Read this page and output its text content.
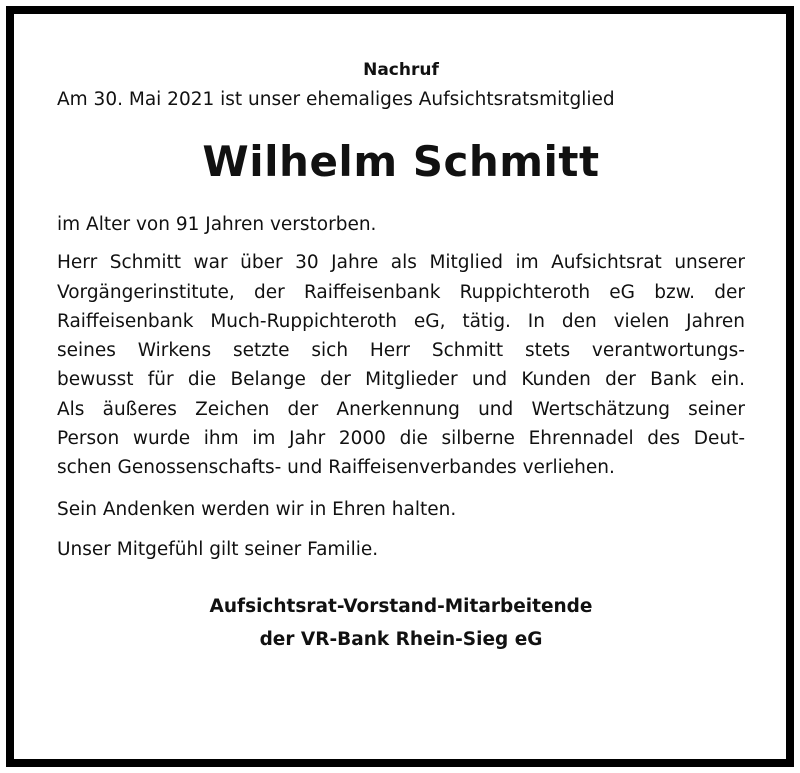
Nachruf

Am 30. Mai 2021 ist unser ehemaliges Aufsichtsratsmitglied

Wilhelm Schmitt

im Alter von 91 Jahren verstorben.

Herr Schmitt war über 30 Jahre als Mitglied im Aufsichtsrat unserer
Vorgängerinstitute, der Raiffeisenbank Ruppichteroth eG bzw. der
Raiffeisenbank Much-Ruppichteroth eG, tätig. In den vielen Jahren
seines Wirkens setzte sich Herr Schmitt stets verantwortungs-
bewusst für die Belange der Mitglieder und Kunden der Bank ein.
Als äußeres Zeichen der Anerkennung und Wertschätzung seiner
Person wurde ihm im Jahr 2000 die silberne Ehrennadel des Deut-
schen Genossenschafts- und Raiffeisenverbandes verliehen.

Sein Andenken werden wir in Ehren halten.

Unser Mitgefühl gilt seiner Familie.

Aufsichtsrat-Vorstand-Mitarbeitende

der VR-Bank Rhein-Sieg eG
